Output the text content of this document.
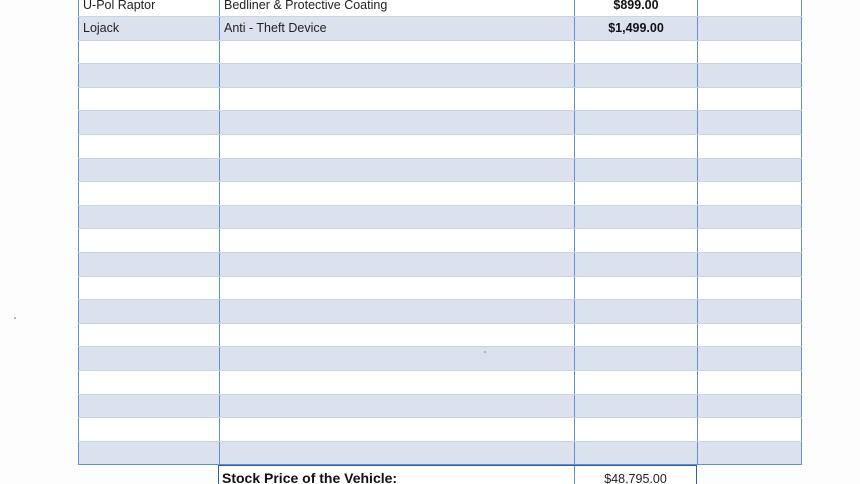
U-Pol Raptor	Bedliner & Protective Coating	$899.00	
Lojack	Anti - Theft Device	$1,499.00	

Stock Price of the Vehicle:	$48,795.00
